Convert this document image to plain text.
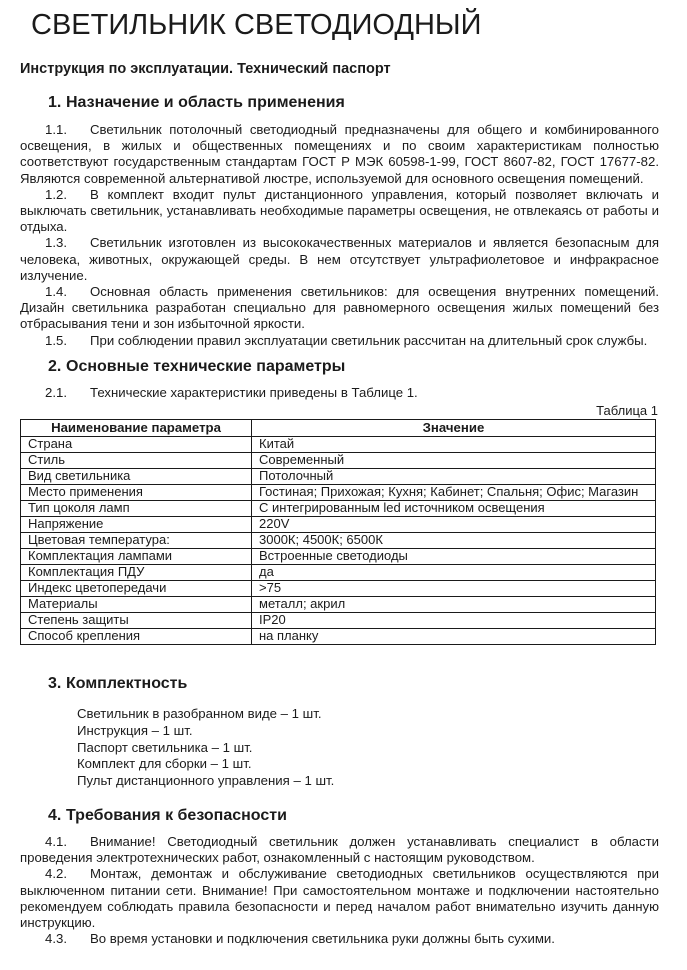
СВЕТИЛЬНИК СВЕТОДИОДНЫЙ
Инструкция по эксплуатации. Технический паспорт
1. Назначение и область применения

1.1. Светильник потолочный светодиодный предназначены для общего и комбинированного освещения, в жилых и общественных помещениях и по своим характеристикам полностью соответствуют государственным стандартам ГОСТ Р МЭК 60598-1-99, ГОСТ 8607-82, ГОСТ 17677-82. Являются современной альтернативой люстре, используемой для основного освещения помещений.

1.2. В комплект входит пульт дистанционного управления, который позволяет включать и выключать светильник, устанавливать необходимые параметры освещения, не отвлекаясь от работы и отдыха.

1.3. Светильник изготовлен из высококачественных материалов и является безопасным для человека, животных, окружающей среды. В нем отсутствует ультрафиолетовое и инфракрасное излучение.

1.4. Основная область применения светильников: для освещения внутренних помещений. Дизайн светильника разработан специально для равномерного освещения жилых помещений без отбрасывания тени и зон избыточной яркости.

1.5. При соблюдении правил эксплуатации светильник рассчитан на длительный срок службы.

2. Основные технические параметры

2.1. Технические характеристики приведены в Таблице 1.

Таблица 1
Наименование параметра	Значение
Страна	Китай
Стиль	Современный
Вид светильника	Потолочный
Место применения	Гостиная; Прихожая; Кухня; Кабинет; Спальня; Офис; Магазин
Тип цоколя ламп	С интегрированным led источником освещения
Напряжение	220V
Цветовая температура:	3000К; 4500К; 6500К
Комплектация лампами	Встроенные светодиоды
Комплектация ПДУ	да
Индекс цветопередачи	>75
Материалы	металл; акрил
Степень защиты	IP20
Способ крепления	на планку
3. Комплектность
Светильник в разобранном виде – 1 шт.
Инструкция – 1 шт.
Паспорт светильника – 1 шт.
Комплект для сборки – 1 шт.
Пульт дистанционного управления – 1 шт.
4. Требования к безопасности

4.1. Внимание! Светодиодный светильник должен устанавливать специалист в области проведения электротехнических работ, ознакомленный с настоящим руководством.

4.2. Монтаж, демонтаж и обслуживание светодиодных светильников осуществляются при выключенном питании сети. Внимание! При самостоятельном монтаже и подключении настоятельно рекомендуем соблюдать правила безопасности и перед началом работ внимательно изучить данную инструкцию.

4.3. Во время установки и подключения светильника руки должны быть сухими.
